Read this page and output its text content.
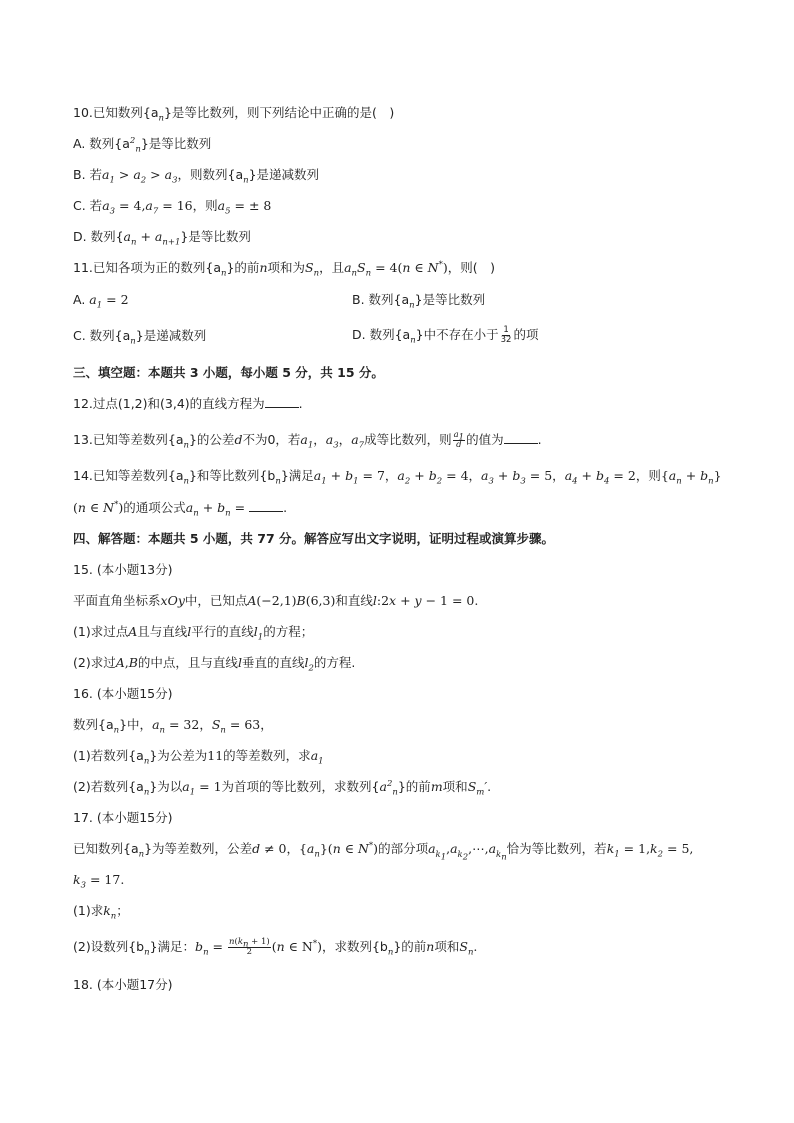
10.已知数列$\{a_n\}$是等比数列，则下列结论中正确的是(　)
A. 数列$\{a^2_n\}$是等比数列
B. 若$a_1 > a_2 > a_3$，则数列$\{a_n\}$是递减数列
C. 若$a_3 = 4,a_7 = 16$，则$a_5$ = ± 8
D. 数列$\{a_n + a_{n+1}\}$是等比数列
11.已知各项为正的数列$\{a_n\}$的前n项和为$S_n$，且$a_nS_n = 4(n$ ∈ N*)，则(　)
A. $a_1 = 2$	B. 数列$\{a_n\}$是等比数列
C. 数列$\{a_n\}$是递减数列	D. 数列$\{a_n\}$中不存在小于 $\frac{1}{32}$ 的项
三、填空题：本题共 3 小题，每小题 5 分，共 15 分。
12.过点(1,2)和(3,4)的直线方程为	.
13.已知等差数列$\{a_n\}$的公差d不为0，若$a_1$，$a_3$，$a_7$成等比数列，则 $\frac{a_1}{d}$ 的值为	.
14.已知等差数列$\{a_n\}$和等比数列$\{b_n\}$满足$a_1 + b_1 = 7$，$a_2 + b_2 = 4$，$a_3 + b_3 = 5$，$a_4 + b_4 = 2$，则$\{a_n + b_n\}$
(n ∈ N*)的通项公式$a_n + b_n$ =	.
四、解答题：本题共 5 小题，共 77 分。解答应写出文字说明，证明过程或演算步骤。
15. (本小题13分)
平面直角坐标系xOy中，已知点A(−2,1)B(6,3)和直线l:2x + y − 1 = 0.
(1)求过点A且与直线l平行的直线$l_1$的方程；
(2)求过A,B的中点，且与直线l垂直的直线$l_2$的方程.
16. (本小题15分)
数列$\{a_n\}$中，$a_n = 32$，$S_n = 63$，
(1)若数列$\{a_n\}$为公差为11的等差数列，求$a_1$
(2)若数列$\{a_n\}$为以$a_1 = 1$为首项的等比数列，求数列$\{a^2_n\}$的前m项和$S_m'$.
17. (本小题15分)
已知数列$\{a_n\}$为等差数列，公差d ≠ 0，$\{a_n\}(n$ ∈ N*)的部分项$a_{k_1},a_{k_2},\cdots,a_{k_n}$恰为等比数列，若$k_1 = 1,k_2 = 5$,
$k_3 = 17$.
(1)求$k_n$；
(2)设数列$\{b_n\}$满足：$b_n = \frac{n(k_n + 1)}{2} (n$ ∈ N*)，求数列$\{b_n\}$的前n项和$S_n$.
18. (本小题17分)
